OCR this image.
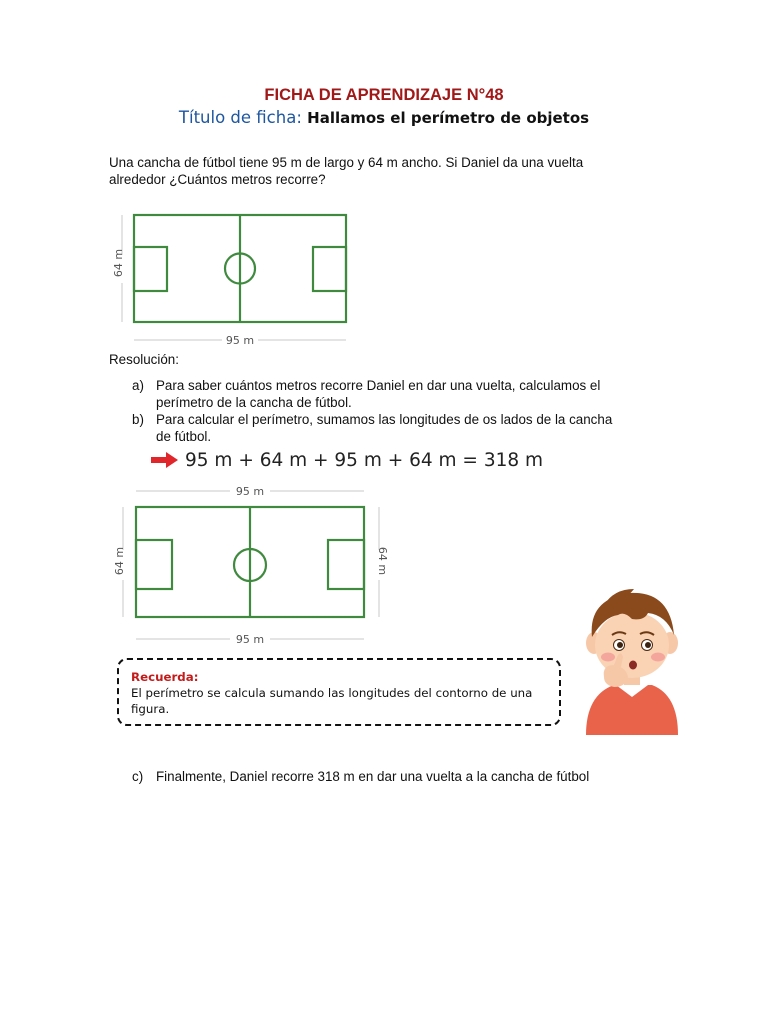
FICHA DE APRENDIZAJE N°48
Título de ficha: Hallamos el perímetro de objetos
Una cancha de fútbol tiene 95 m de largo y 64 m ancho. Si Daniel da una vuelta
alrededor ¿Cuántos metros recorre?
64 m
95 m
Resolución:
a) Para saber cuántos metros recorre Daniel en dar una vuelta, calculamos el
perímetro de la cancha de fútbol.
b) Para calcular el perímetro, sumamos las longitudes de os lados de la cancha
de fútbol.
95 m + 64 m + 95 m + 64 m = 318 m
95 m
95 m
64 m	64 m
Recuerda:
El perímetro se calcula sumando las longitudes del contorno de una
figura.
c) Finalmente, Daniel recorre 318 m en dar una vuelta a la cancha de fútbol
